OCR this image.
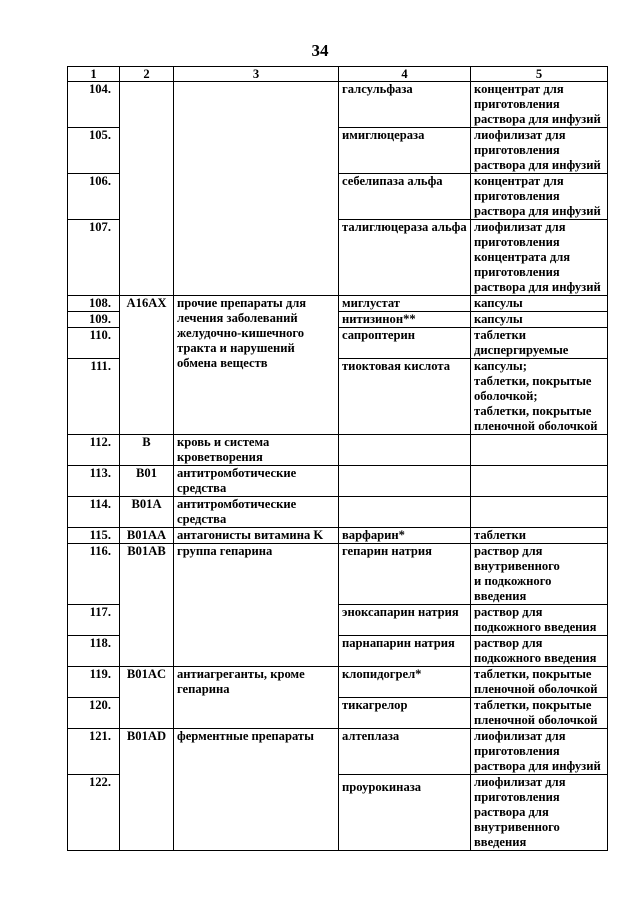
34
1	2	3	4	5
104.			галсульфаза	концентрат для приготовления раствора для инфузий
105.			имиглюцераза	лиофилизат для приготовления раствора для инфузий
106.			себелипаза альфа	концентрат для приготовления раствора для инфузий
107.			талиглюцераза альфа	лиофилизат для приготовления концентрата для приготовления раствора для инфузий
108.	A16AX	прочие препараты для лечения заболеваний желудочно-кишечного тракта и нарушений обмена веществ	миглустат	капсулы
109.			нитизинон**	капсулы
110.			сапроптерин	таблетки диспергируемые
111.			тиоктовая кислота	капсулы;
таблетки, покрытые оболочкой;
таблетки, покрытые пленочной оболочкой
112.	B	кровь и система кроветворения		
113.	B01	антитромботические средства		
114.	B01A	антитромботические средства		
115.	B01AA	антагонисты витамина K	варфарин*	таблетки
116.	B01AB	группа гепарина	гепарин натрия	раствор для внутривенного
и подкожного введения
117.			эноксапарин натрия	раствор для подкожного введения
118.			парнапарин натрия	раствор для подкожного введения
119.	B01AC	антиагреганты, кроме гепарина	клопидогрел*	таблетки, покрытые пленочной оболочкой
120.			тикагрелор	таблетки, покрытые пленочной оболочкой
121.	B01AD	ферментные препараты	алтеплаза	лиофилизат для приготовления раствора для инфузий
122.			проурокиназа	лиофилизат для приготовления раствора для внутривенного введения
